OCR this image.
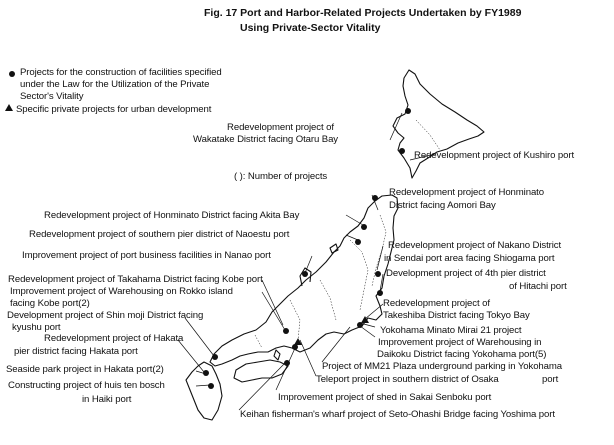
Fig. 17 Port and Harbor-Related Projects Undertaken by FY1989
Using Private-Sector Vitality
Projects for the construction of facilities specified
under the Law for the Utilization of the Private
Sector's Vitality
Specific private projects for urban development
( ): Number of projects
Redevelopment project of
Wakatake District facing Otaru Bay
Redevelopment project of Kushiro port
Redevelopment project of Honminato
District facing Aomori Bay
Redevelopment project of Honminato District facing Akita Bay
Redevelopment project of southern pier district of Naoestu port
Improvement project of port business facilities in Nanao port
Redevelopment project of Nakano District
in Sendai port area facing Shiogama port
Development project of 4th pier district
of Hitachi port
Redevelopment project of Takahama District facing Kobe port
Improvement project of Warehousing on Rokko island
facing Kobe port(2)
Development project of Shin moji District facing
kyushu port
Redevelopment project of Hakata
pier district facing Hakata port
Seaside park project in Hakata port(2)
Constructing project of huis ten bosch
in Haiki port
Redevelopment project of
Takeshiba District facing Tokyo Bay
Yokohama Minato Mirai 21 project
Improvement project of Warehousing in
Daikoku District facing Yokohama port(5)
Project of MM21 Plaza underground parking in Yokohama
Teleport project in southern district of Osaka	port
Improvement project of shed in Sakai Senboku port
Keihan fisherman's wharf project of Seto-Ohashi Bridge facing Yoshima port
